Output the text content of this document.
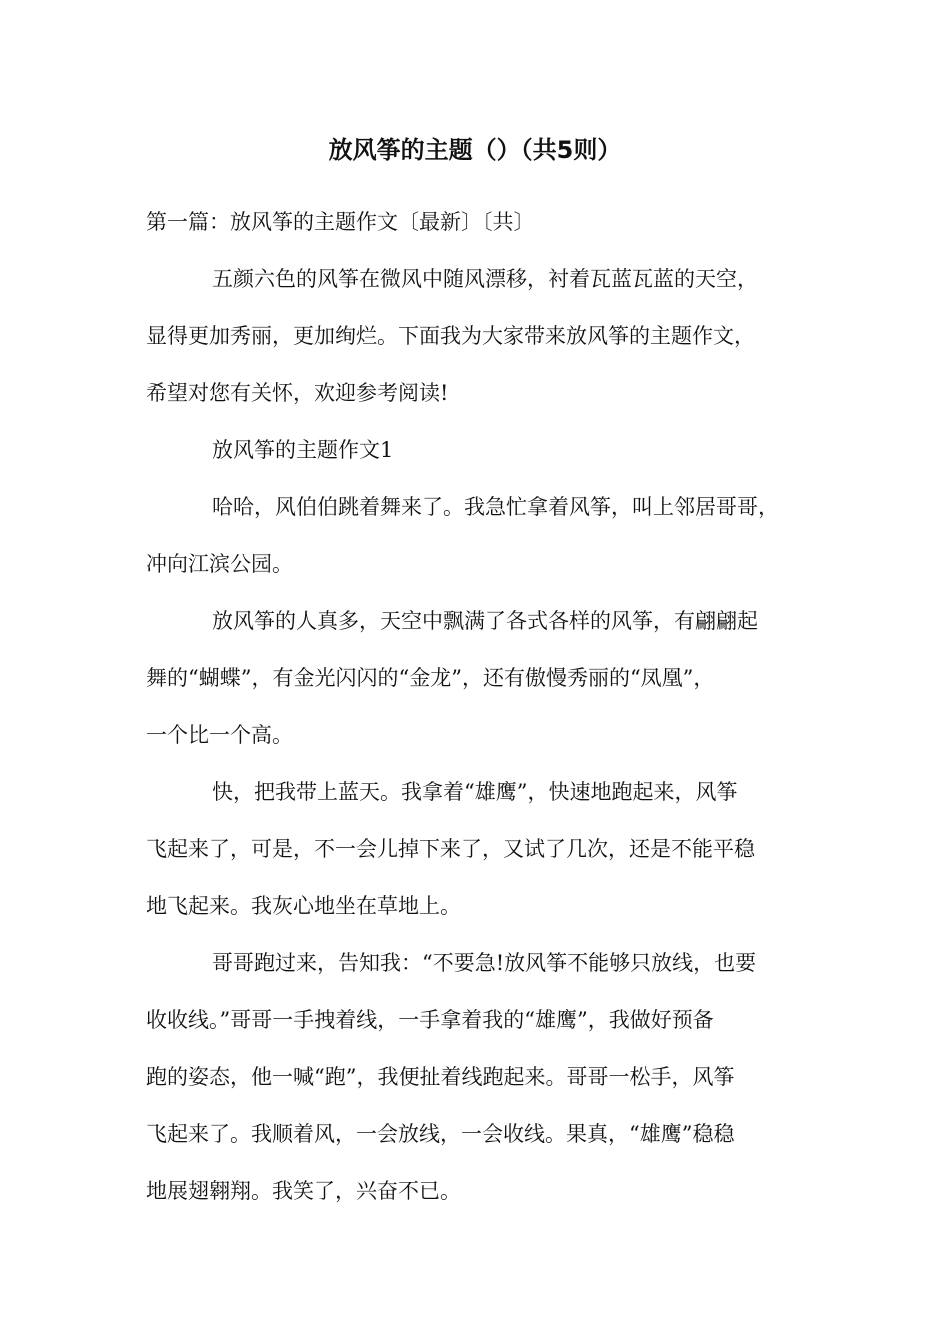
放风筝的主题（）（共5则）
第一篇：放风筝的主题作文〔最新〕〔共〕
五颜六色的风筝在微风中随风漂移，衬着瓦蓝瓦蓝的天空，
显得更加秀丽，更加绚烂。下面我为大家带来放风筝的主题作文，
希望对您有关怀，欢迎参考阅读!
放风筝的主题作文1
哈哈，风伯伯跳着舞来了。我急忙拿着风筝，叫上邻居哥哥，
冲向江滨公园。
放风筝的人真多，天空中飘满了各式各样的风筝，有翩翩起
舞的“蝴蝶”，有金光闪闪的“金龙”，还有傲慢秀丽的“凤凰”，
一个比一个高。
快，把我带上蓝天。我拿着“雄鹰”，快速地跑起来，风筝
飞起来了，可是，不一会儿掉下来了，又试了几次，还是不能平稳
地飞起来。我灰心地坐在草地上。
哥哥跑过来，告知我：“不要急!放风筝不能够只放线，也要
收收线。”哥哥一手拽着线，一手拿着我的“雄鹰”，我做好预备
跑的姿态，他一喊“跑”，我便扯着线跑起来。哥哥一松手，风筝
飞起来了。我顺着风，一会放线，一会收线。果真，“雄鹰”稳稳
地展翅翱翔。我笑了，兴奋不已。
